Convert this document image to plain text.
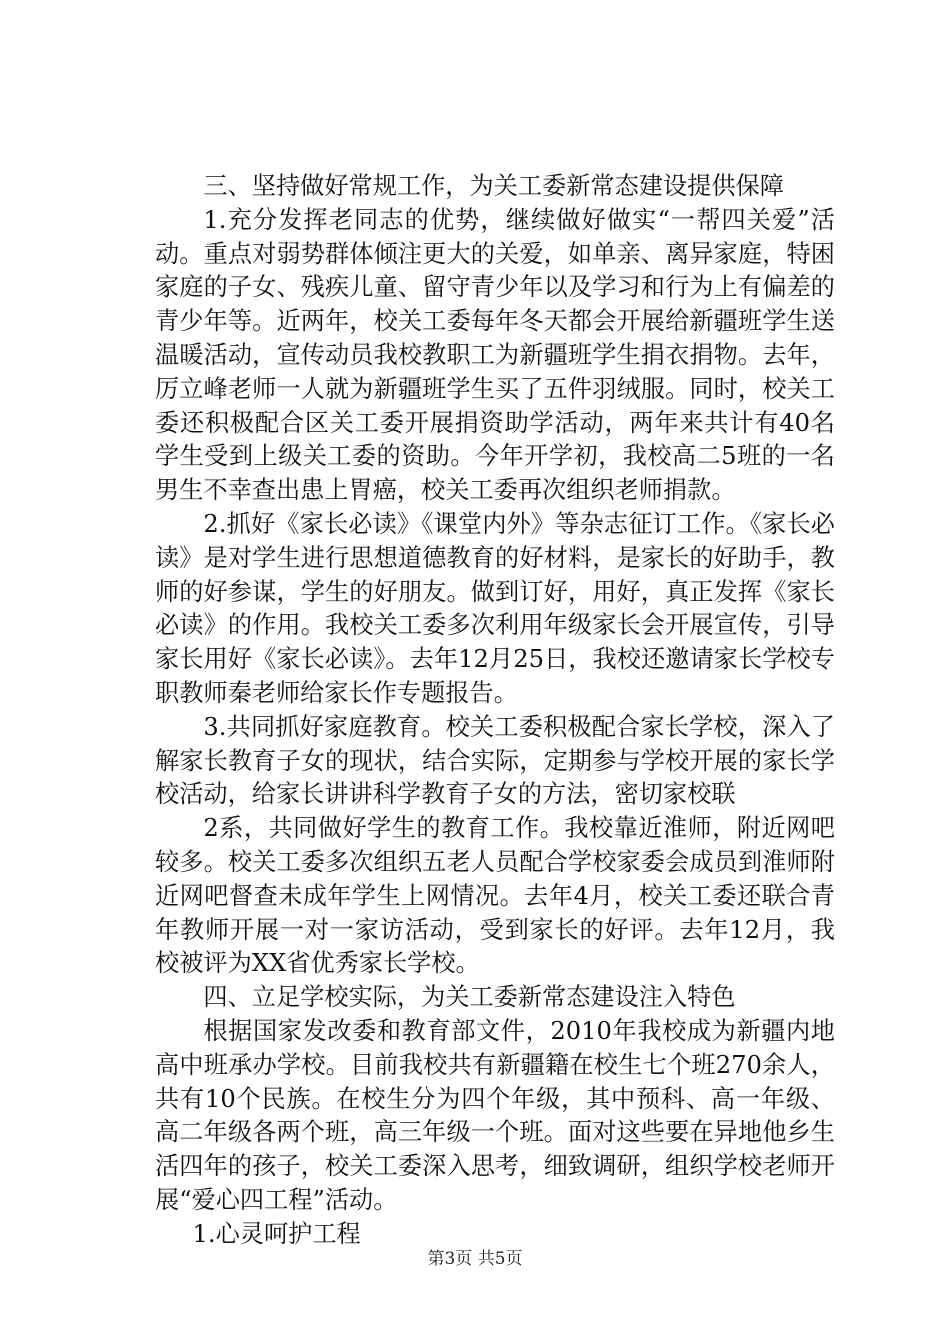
三、坚持做好常规工作，为关工委新常态建设提供保障

1.充分发挥老同志的优势，继续做好做实“一帮四关爱”活动。重点对弱势群体倾注更大的关爱，如单亲、离异家庭，特困家庭的子女、残疾儿童、留守青少年以及学习和行为上有偏差的青少年等。近两年，校关工委每年冬天都会开展给新疆班学生送温暖活动，宣传动员我校教职工为新疆班学生捐衣捐物。去年，厉立峰老师一人就为新疆班学生买了五件羽绒服。同时，校关工委还积极配合区关工委开展捐资助学活动，两年来共计有40名学生受到上级关工委的资助。今年开学初，我校高二5班的一名男生不幸查出患上胃癌，校关工委再次组织老师捐款。

2.抓好《家长必读》《课堂内外》等杂志征订工作。《家长必读》是对学生进行思想道德教育的好材料，是家长的好助手，教师的好参谋，学生的好朋友。做到订好，用好，真正发挥《家长必读》的作用。我校关工委多次利用年级家长会开展宣传，引导家长用好《家长必读》。去年12月25日，我校还邀请家长学校专职教师秦老师给家长作专题报告。

3.共同抓好家庭教育。校关工委积极配合家长学校，深入了解家长教育子女的现状，结合实际，定期参与学校开展的家长学校活动，给家长讲讲科学教育子女的方法，密切家校联

2系，共同做好学生的教育工作。我校靠近淮师，附近网吧较多。校关工委多次组织五老人员配合学校家委会成员到淮师附近网吧督查未成年学生上网情况。去年4月，校关工委还联合青年教师开展一对一家访活动，受到家长的好评。去年12月，我校被评为XX省优秀家长学校。

四、立足学校实际，为关工委新常态建设注入特色

根据国家发改委和教育部文件，2010年我校成为新疆内地高中班承办学校。目前我校共有新疆籍在校生七个班270余人，共有10个民族。在校生分为四个年级，其中预科、高一年级、高二年级各两个班，高三年级一个班。面对这些要在异地他乡生活四年的孩子，校关工委深入思考，细致调研，组织学校老师开展“爱心四工程”活动。

1.心灵呵护工程

第3页 共5页
